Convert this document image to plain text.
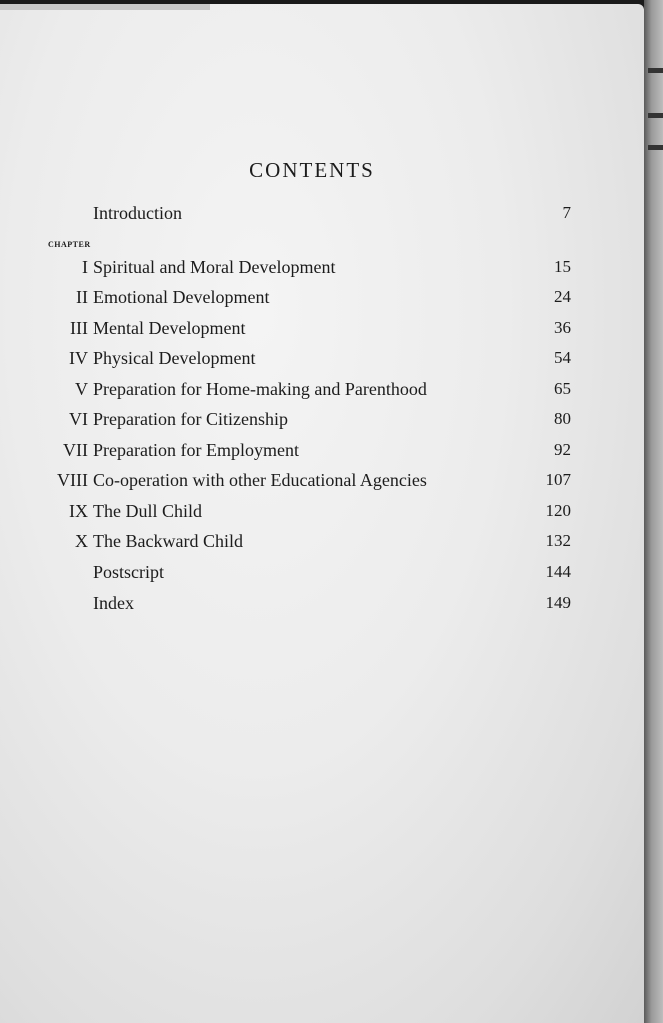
CONTENTS
Introduction	7
CHAPTER
I Spiritual and Moral Development	15
II Emotional Development	24
III Mental Development	36
IV Physical Development	54
V Preparation for Home-making and Parenthood	65
VI Preparation for Citizenship	80
VII Preparation for Employment	92
VIII Co-operation with other Educational Agencies	107
IX The Dull Child	120
X The Backward Child	132
Postscript	144
Index	149
